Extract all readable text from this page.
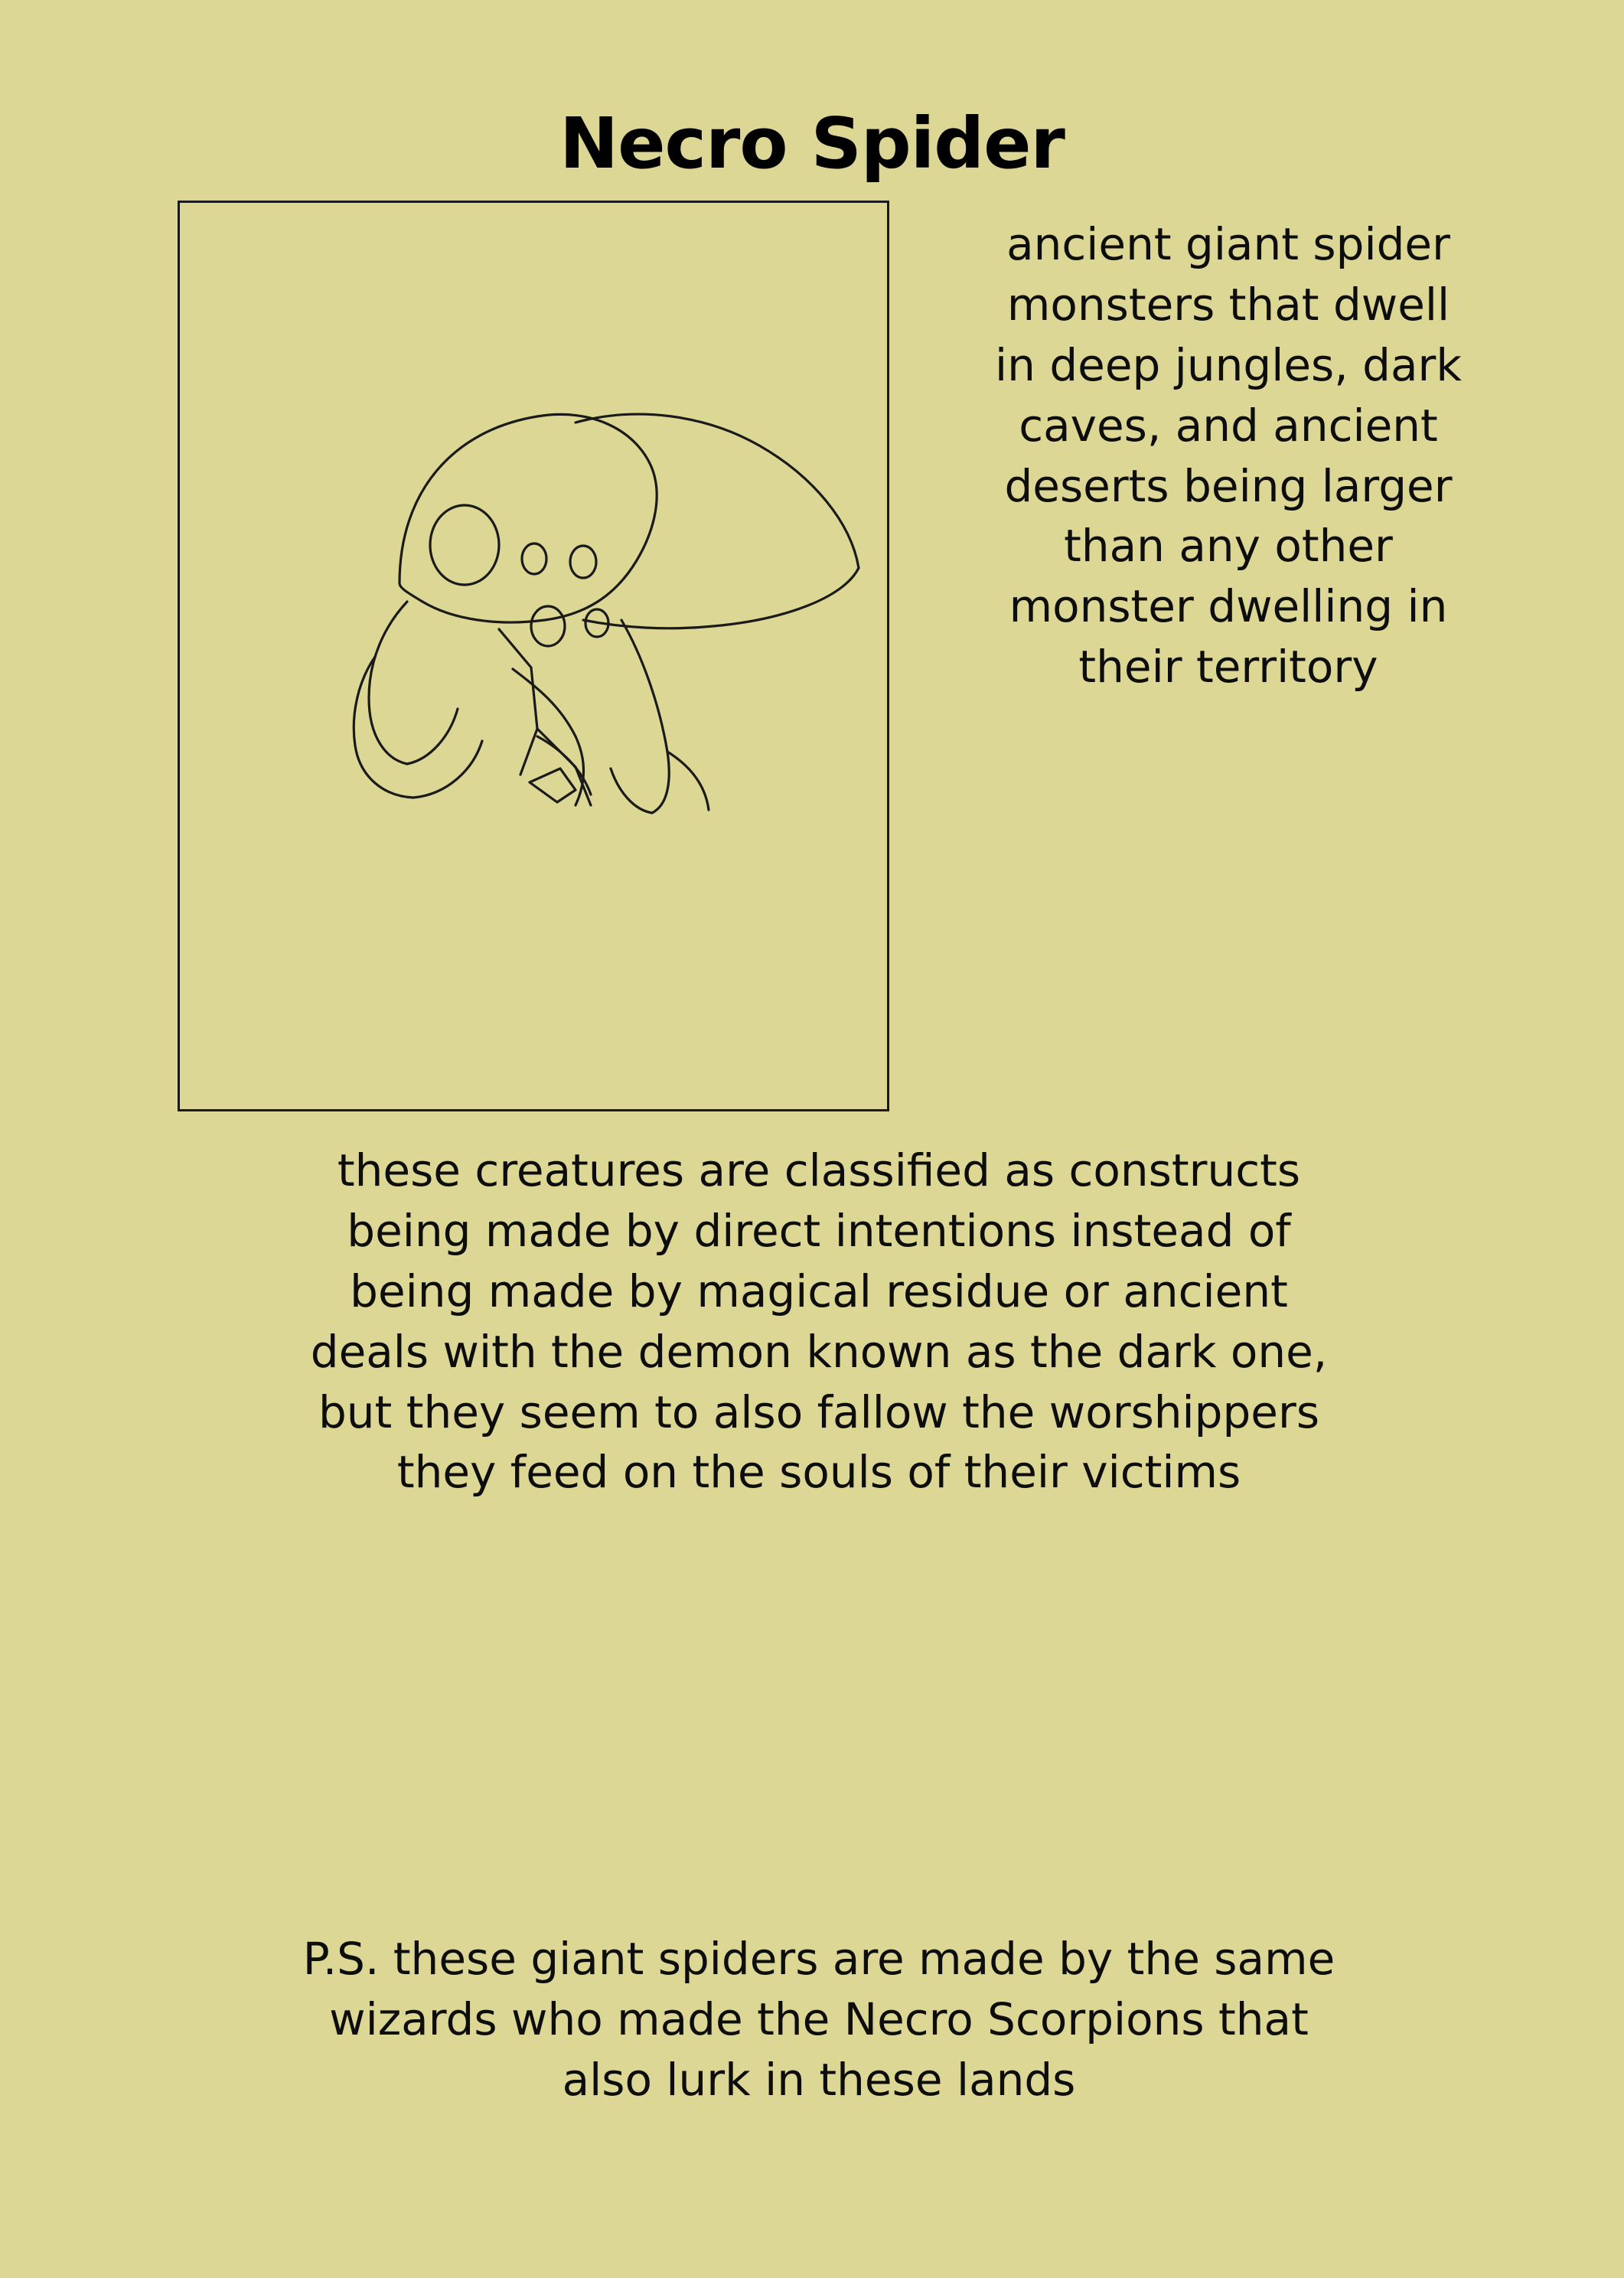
Necro Spider
ancient giant spider
monsters that dwell
in deep jungles, dark
caves, and ancient
deserts being larger
than any other
monster dwelling in
their territory
these creatures are classified as constructs
being made by direct intentions instead of
being made by magical residue or ancient
deals with the demon known as the dark one,
but they seem to also fallow the worshippers
they feed on the souls of their victims
P.S. these giant spiders are made by the same
wizards who made the Necro Scorpions that
also lurk in these lands
